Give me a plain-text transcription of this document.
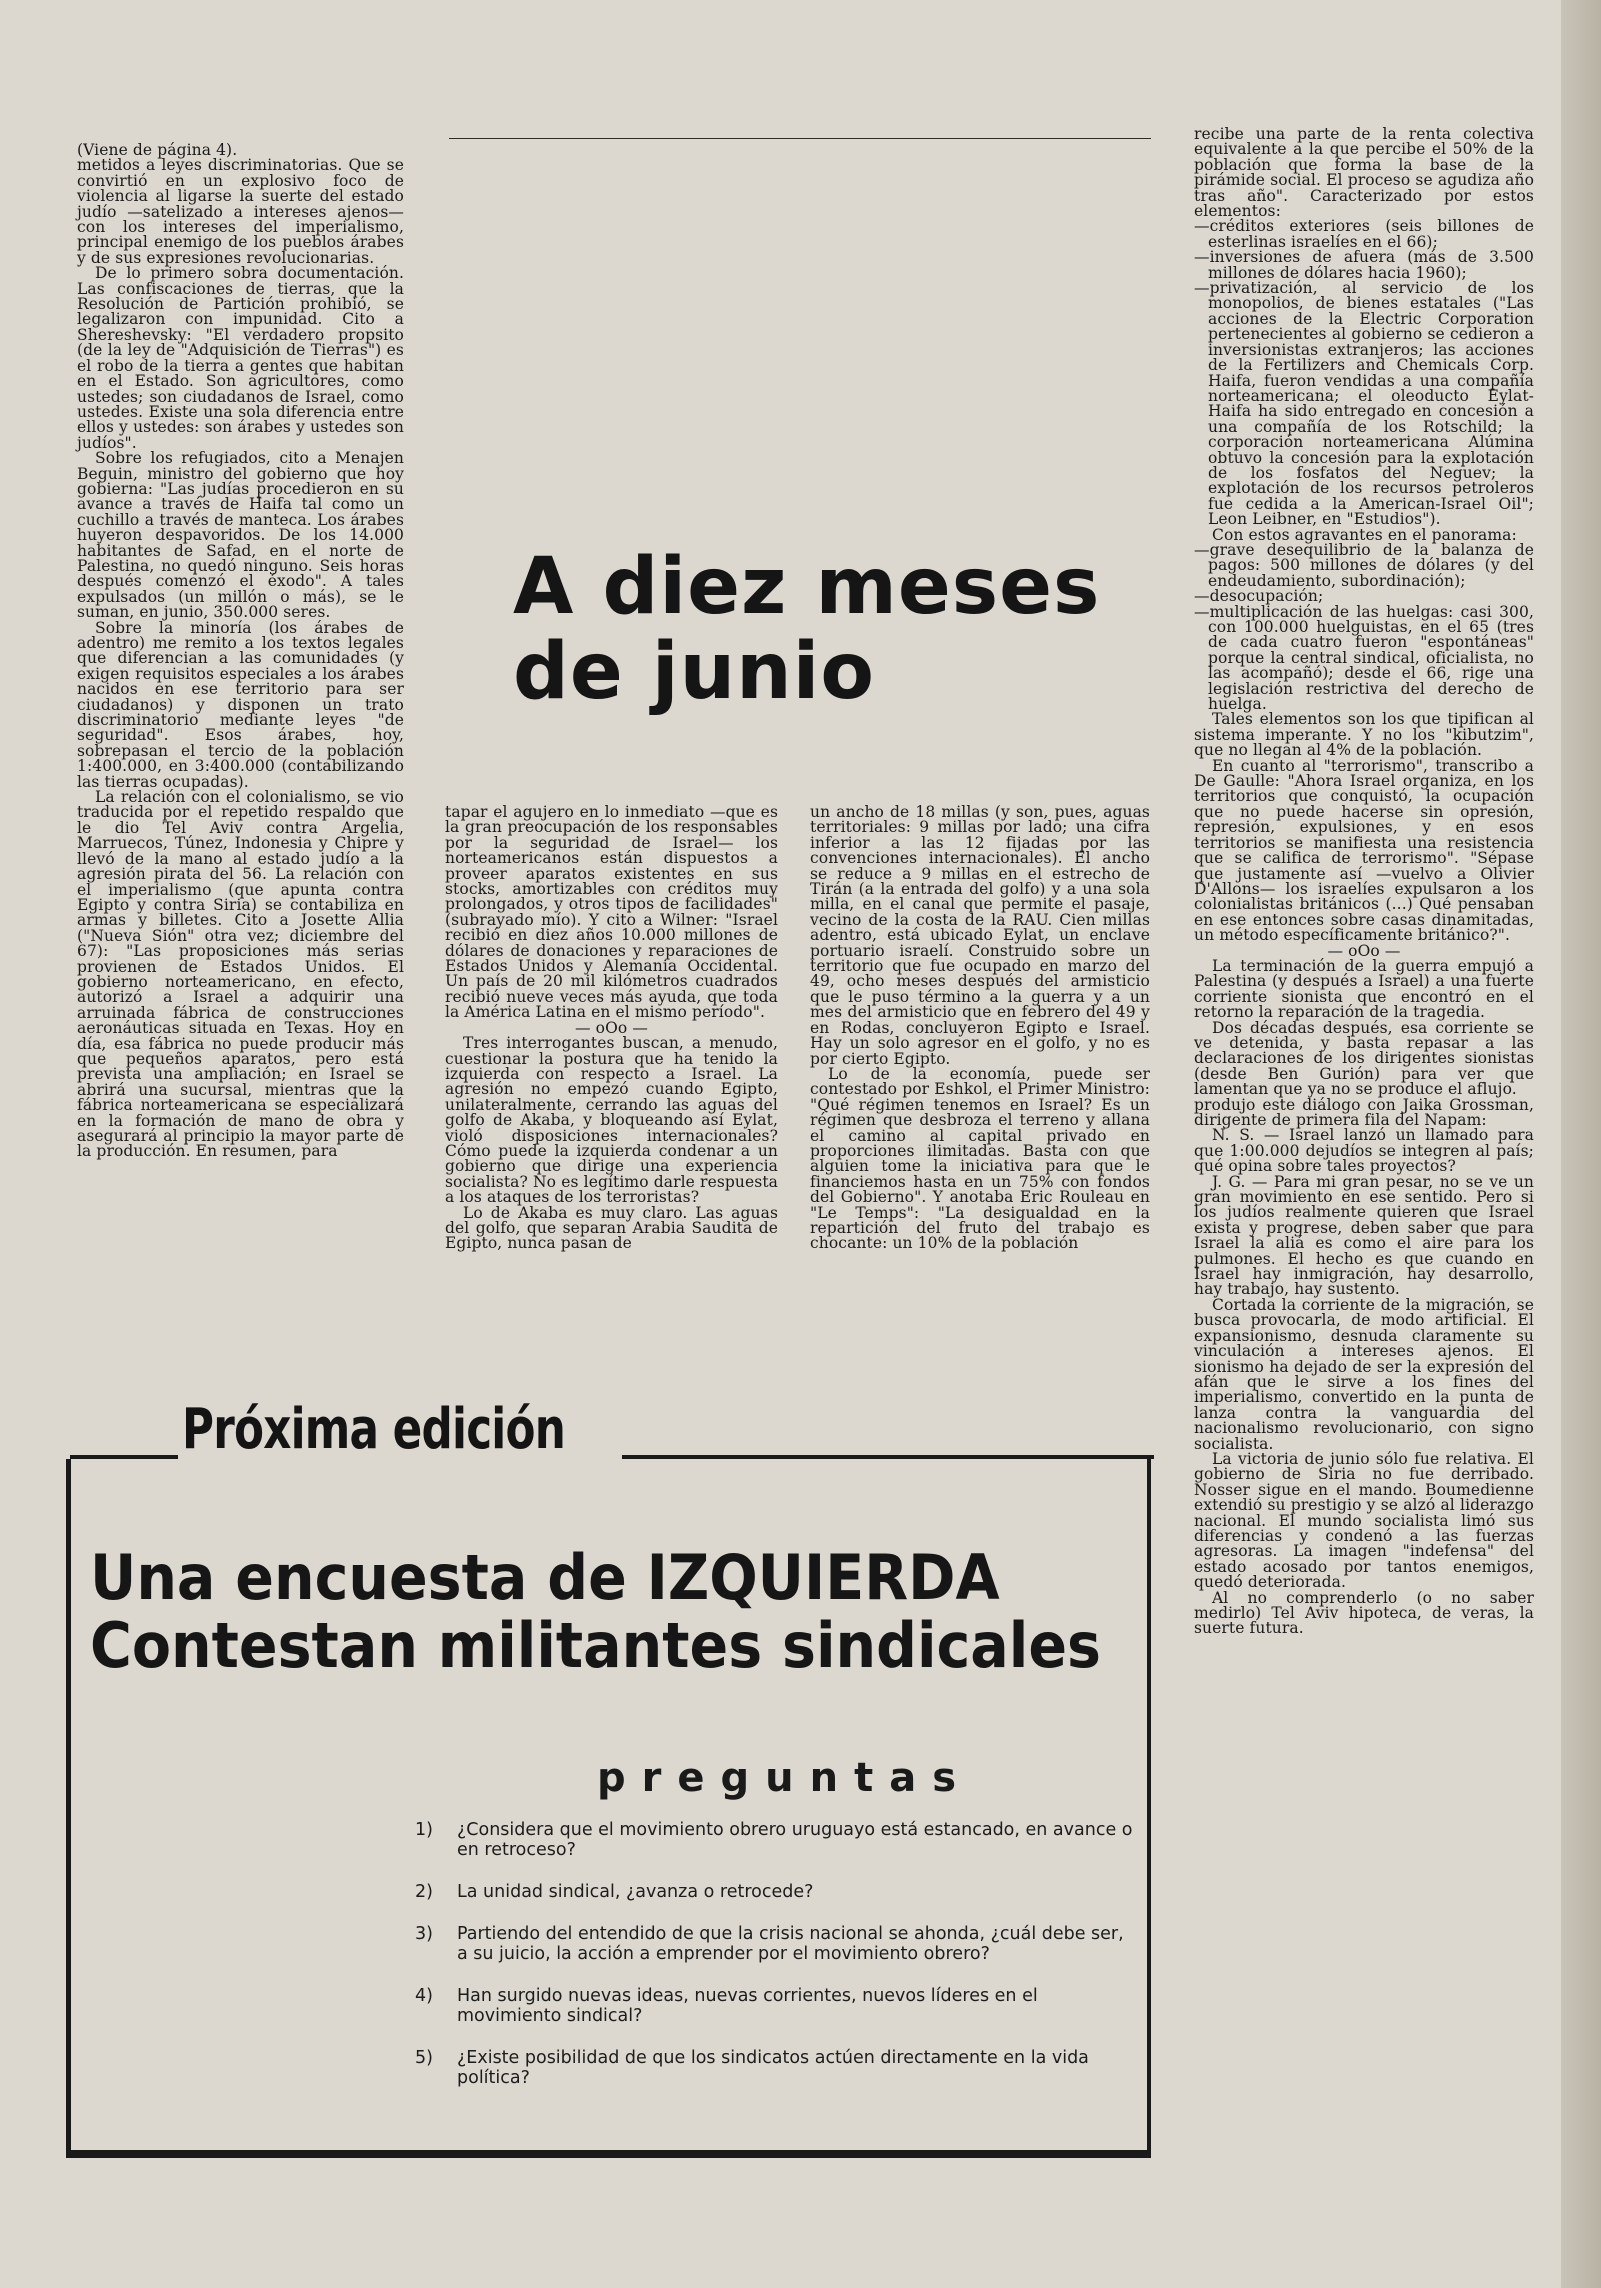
(Viene de página 4).

metidos a leyes discriminatorias. Que se convirtió en un explosivo foco de violencia al ligarse la suerte del estado judío —satelizado a intereses ajenos— con los intereses del imperialismo, principal enemigo de los pueblos árabes y de sus expresiones revolucionarias.

De lo primero sobra documentación. Las confiscaciones de tierras, que la Resolución de Partición prohibió, se legalizaron con impunidad. Cito a Shereshevsky: "El verdadero propsito (de la ley de "Adquisición de Tierras") es el robo de la tierra a gentes que habitan en el Estado. Son agricultores, como ustedes; son ciudadanos de Israel, como ustedes. Existe una sola diferencia entre ellos y ustedes: son árabes y ustedes son judíos".

Sobre los refugiados, cito a Menajen Beguin, ministro del gobierno que hoy gobierna: "Las judías procedieron en su avance a través de Haifa tal como un cuchillo a través de manteca. Los árabes huyeron despavoridos. De los 14.000 habitantes de Safad, en el norte de Palestina, no quedó ninguno. Seis horas después comenzó el éxodo". A tales expulsados (un millón o más), se le suman, en junio, 350.000 seres.

Sobre la minoría (los árabes de adentro) me remito a los textos legales que diferencian a las comunidades (y exigen requisitos especiales a los árabes nacidos en ese territorio para ser ciudadanos) y disponen un trato discriminatorio mediante leyes "de seguridad". Esos árabes, hoy, sobrepasan el tercio de la población 1:400.000, en 3:400.000 (contabilizando las tierras ocupadas).

La relación con el colonialismo, se vio traducida por el repetido respaldo que le dio Tel Aviv contra Argelia, Marruecos, Túnez, Indonesia y Chipre y llevó de la mano al estado judío a la agresión pirata del 56. La relación con el imperialismo (que apunta contra Egipto y contra Siria) se contabiliza en armas y billetes. Cito a Josette Allia ("Nueva Sión" otra vez; diciembre del 67): "Las proposiciones más serias provienen de Estados Unidos. El gobierno norteamericano, en efecto, autorizó a Israel a adquirir una arruinada fábrica de construcciones aeronáuticas situada en Texas. Hoy en día, esa fábrica no puede producir más que pequeños aparatos, pero está prevista una ampliación; en Israel se abrirá una sucursal, mientras que la fábrica norteamericana se especializará en la formación de mano de obra y asegurará al principio la mayor parte de la producción. En resumen, para

A diez meses
de junio

tapar el agujero en lo inmediato —que es la gran preocupación de los responsables por la seguridad de Israel— los norteamericanos están dispuestos a proveer aparatos existentes en sus stocks, amortizables con créditos muy prolongados, y otros tipos de facilidades" (subrayado mío). Y cito a Wilner: "Israel recibió en diez años 10.000 millones de dólares de donaciones y reparaciones de Estados Unidos y Alemania Occidental. Un país de 20 mil kilómetros cuadrados recibió nueve veces más ayuda, que toda la América Latina en el mismo período".

— oOo —

Tres interrogantes buscan, a menudo, cuestionar la postura que ha tenido la izquierda con respecto a Israel. La agresión no empezó cuando Egipto, unilateralmente, cerrando las aguas del golfo de Akaba, y bloqueando así Eylat, violó disposiciones internacionales? Cómo puede la izquierda condenar a un gobierno que dirige una experiencia socialista? No es legítimo darle respuesta a los ataques de los terroristas?

Lo de Akaba es muy claro. Las aguas del golfo, que separan Arabia Saudita de Egipto, nunca pasan de

un ancho de 18 millas (y son, pues, aguas territoriales: 9 millas por lado; una cifra inferior a las 12 fijadas por las convenciones internacionales). El ancho se reduce a 9 millas en el estrecho de Tirán (a la entrada del golfo) y a una sola milla, en el canal que permite el pasaje, vecino de la costa de la RAU. Cien millas adentro, está ubicado Eylat, un enclave portuario israelí. Construido sobre un territorio que fue ocupado en marzo del 49, ocho meses después del armisticio que le puso término a la guerra y a un mes del armisticio que en febrero del 49 y en Rodas, concluyeron Egipto e Israel. Hay un solo agresor en el golfo, y no es por cierto Egipto.

Lo de la economía, puede ser contestado por Eshkol, el Primer Ministro: "Qué régimen tenemos en Israel? Es un régimen que desbroza el terreno y allana el camino al capital privado en proporciones ilimitadas. Basta con que alguien tome la iniciativa para que le financiemos hasta en un 75% con fondos del Gobierno". Y anotaba Eric Rouleau en "Le Temps": "La desigualdad en la repartición del fruto del trabajo es chocante: un 10% de la población

recibe una parte de la renta colectiva equivalente a la que percibe el 50% de la población que forma la base de la pirámide social. El proceso se agudiza año tras año". Caracterizado por estos elementos:

—créditos exteriores (seis billones de esterlinas israelíes en el 66);

—inversiones de afuera (más de 3.500 millones de dólares hacia 1960);

—privatización, al servicio de los monopolios, de bienes estatales ("Las acciones de la Electric Corporation pertenecientes al gobierno se cedieron a inversionistas extranjeros; las acciones de la Fertilizers and Chemicals Corp. Haifa, fueron vendidas a una compañía norteamericana; el oleoducto Eylat-Haifa ha sido entregado en concesión a una compañía de los Rotschild; la corporación norteamericana Alúmina obtuvo la concesión para la explotación de los fosfatos del Neguev; la explotación de los recursos petroleros fue cedida a la American-Israel Oil"; Leon Leibner, en "Estudios").

Con estos agravantes en el panorama:

—grave desequilibrio de la balanza de pagos: 500 millones de dólares (y del endeudamiento, subordinación);

—desocupación;

—multiplicación de las huelgas: casi 300, con 100.000 huelguistas, en el 65 (tres de cada cuatro fueron "espontáneas" porque la central sindical, oficialista, no las acompañó); desde el 66, rige una legislación restrictiva del derecho de huelga.

Tales elementos son los que tipifican al sistema imperante. Y no los "kibutzim", que no llegan al 4% de la población.

En cuanto al "terrorismo", transcribo a De Gaulle: "Ahora Israel organiza, en los territorios que conquistó, la ocupación que no puede hacerse sin opresión, represión, expulsiones, y en esos territorios se manifiesta una resistencia que se califica de terrorismo". "Sépase que justamente así —vuelvo a Olivier D'Allons— los israelíes expulsaron a los colonialistas británicos (...) Qué pensaban en ese entonces sobre casas dinamitadas, un método específicamente británico?".

— oOo —

La terminación de la guerra empujó a Palestina (y después a Israel) a una fuerte corriente sionista que encontró en el retorno la reparación de la tragedia.

Dos décadas después, esa corriente se ve detenida, y basta repasar a las declaraciones de los dirigentes sionistas (desde Ben Gurión) para ver que lamentan que ya no se produce el aflujo.

produjo este diálogo con Jaika Grossman, dirigente de primera fila del Napam:

N. S. — Israel lanzó un llamado para que 1:00.000 dejudíos se integren al país; qué opina sobre tales proyectos?

J. G. — Para mi gran pesar, no se ve un gran movimiento en ese sentido. Pero si los judíos realmente quieren que Israel exista y progrese, deben saber que para Israel la aliá es como el aire para los pulmones. El hecho es que cuando en Israel hay inmigración, hay desarrollo, hay trabajo, hay sustento.

Cortada la corriente de la migración, se busca provocarla, de modo artificial. El expansionismo, desnuda claramente su vinculación a intereses ajenos. El sionismo ha dejado de ser la expresión del afán que le sirve a los fines del imperialismo, convertido en la punta de lanza contra la vanguardia del nacionalismo revolucionario, con signo socialista.

La victoria de junio sólo fue relativa. El gobierno de Siria no fue derribado. Nosser sigue en el mando. Boumedienne extendió su prestigio y se alzó al liderazgo nacional. El mundo socialista limó sus diferencias y condenó a las fuerzas agresoras. La imagen "indefensa" del estado acosado por tantos enemigos, quedó deteriorada.

Al no comprenderlo (o no saber medirlo) Tel Aviv hipoteca, de veras, la suerte futura.

Próxima edición
Una encuesta de IZQUIERDA
Contestan militantes sindicales
preguntas
1) ¿Considera que el movimiento obrero uruguayo está estancado, en avance o en retroceso?
2) La unidad sindical, ¿avanza o retrocede?
3) Partiendo del entendido de que la crisis nacional se ahonda, ¿cuál debe ser, a su juicio, la acción a emprender por el movimiento obrero?
4) Han surgido nuevas ideas, nuevas corrientes, nuevos líderes en el movimiento sindical?
5) ¿Existe posibilidad de que los sindicatos actúen directamente en la vida política?
